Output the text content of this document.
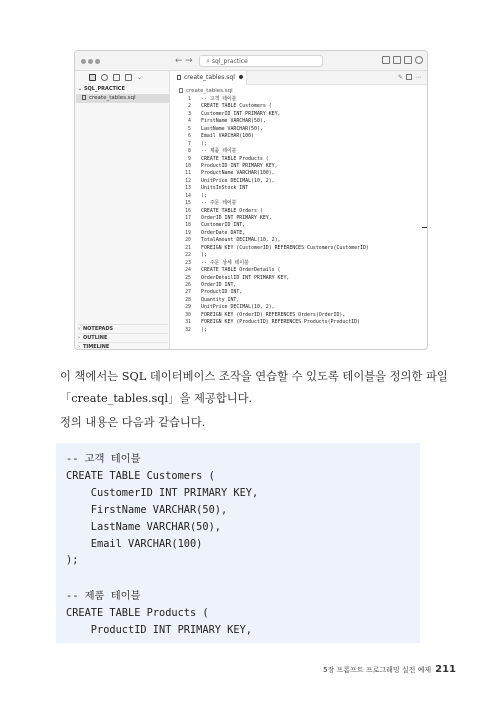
← →	⌕ sql_practice
⌄
⌄ SQL_PRACTICE
create_tables.sql
› NOTEPADS
› OUTLINE
› TIMELINE
create_tables.sql	✎ ⋯
create_tables.sql
1 -- 고객 테이블
2 CREATE TABLE Customers (
3 CustomerID INT PRIMARY KEY,
4 FirstName VARCHAR(50),
5 LastName VARCHAR(50),
6 Email VARCHAR(100)
7 );
8 -- 제품 테이블
9 CREATE TABLE Products (
10 ProductID INT PRIMARY KEY,
11 ProductName VARCHAR(100),
12 UnitPrice DECIMAL(10, 2),
13 UnitsInStock INT
14 );
15 -- 주문 테이블
16 CREATE TABLE Orders (
17 OrderID INT PRIMARY KEY,
18 CustomerID INT,
19 OrderDate DATE,
20 TotalAmount DECIMAL(10, 2),
21 FOREIGN KEY (CustomerID) REFERENCES Customers(CustomerID)
22 );
23 -- 주문 상세 테이블
24 CREATE TABLE OrderDetails (
25 OrderDetailID INT PRIMARY KEY,
26 OrderID INT,
27 ProductID INT,
28 Quantity INT,
29 UnitPrice DECIMAL(10, 2),
30 FOREIGN KEY (OrderID) REFERENCES Orders(OrderID),
31 FOREIGN KEY (ProductID) REFERENCES Products(ProductID)
32 );
이 책에서는 SQL 데이터베이스 조작을 연습할 수 있도록 테이블을 정의한 파일
「create_tables.sql」을 제공합니다.
정의 내용은 다음과 같습니다.
-- 고객 테이블
CREATE TABLE Customers (
CustomerID INT PRIMARY KEY,
FirstName VARCHAR(50),
LastName VARCHAR(50),
Email VARCHAR(100)
);
-- 제품 테이블
CREATE TABLE Products (
ProductID INT PRIMARY KEY,
5장 프롬프트 프로그래밍 실전 예제 211
